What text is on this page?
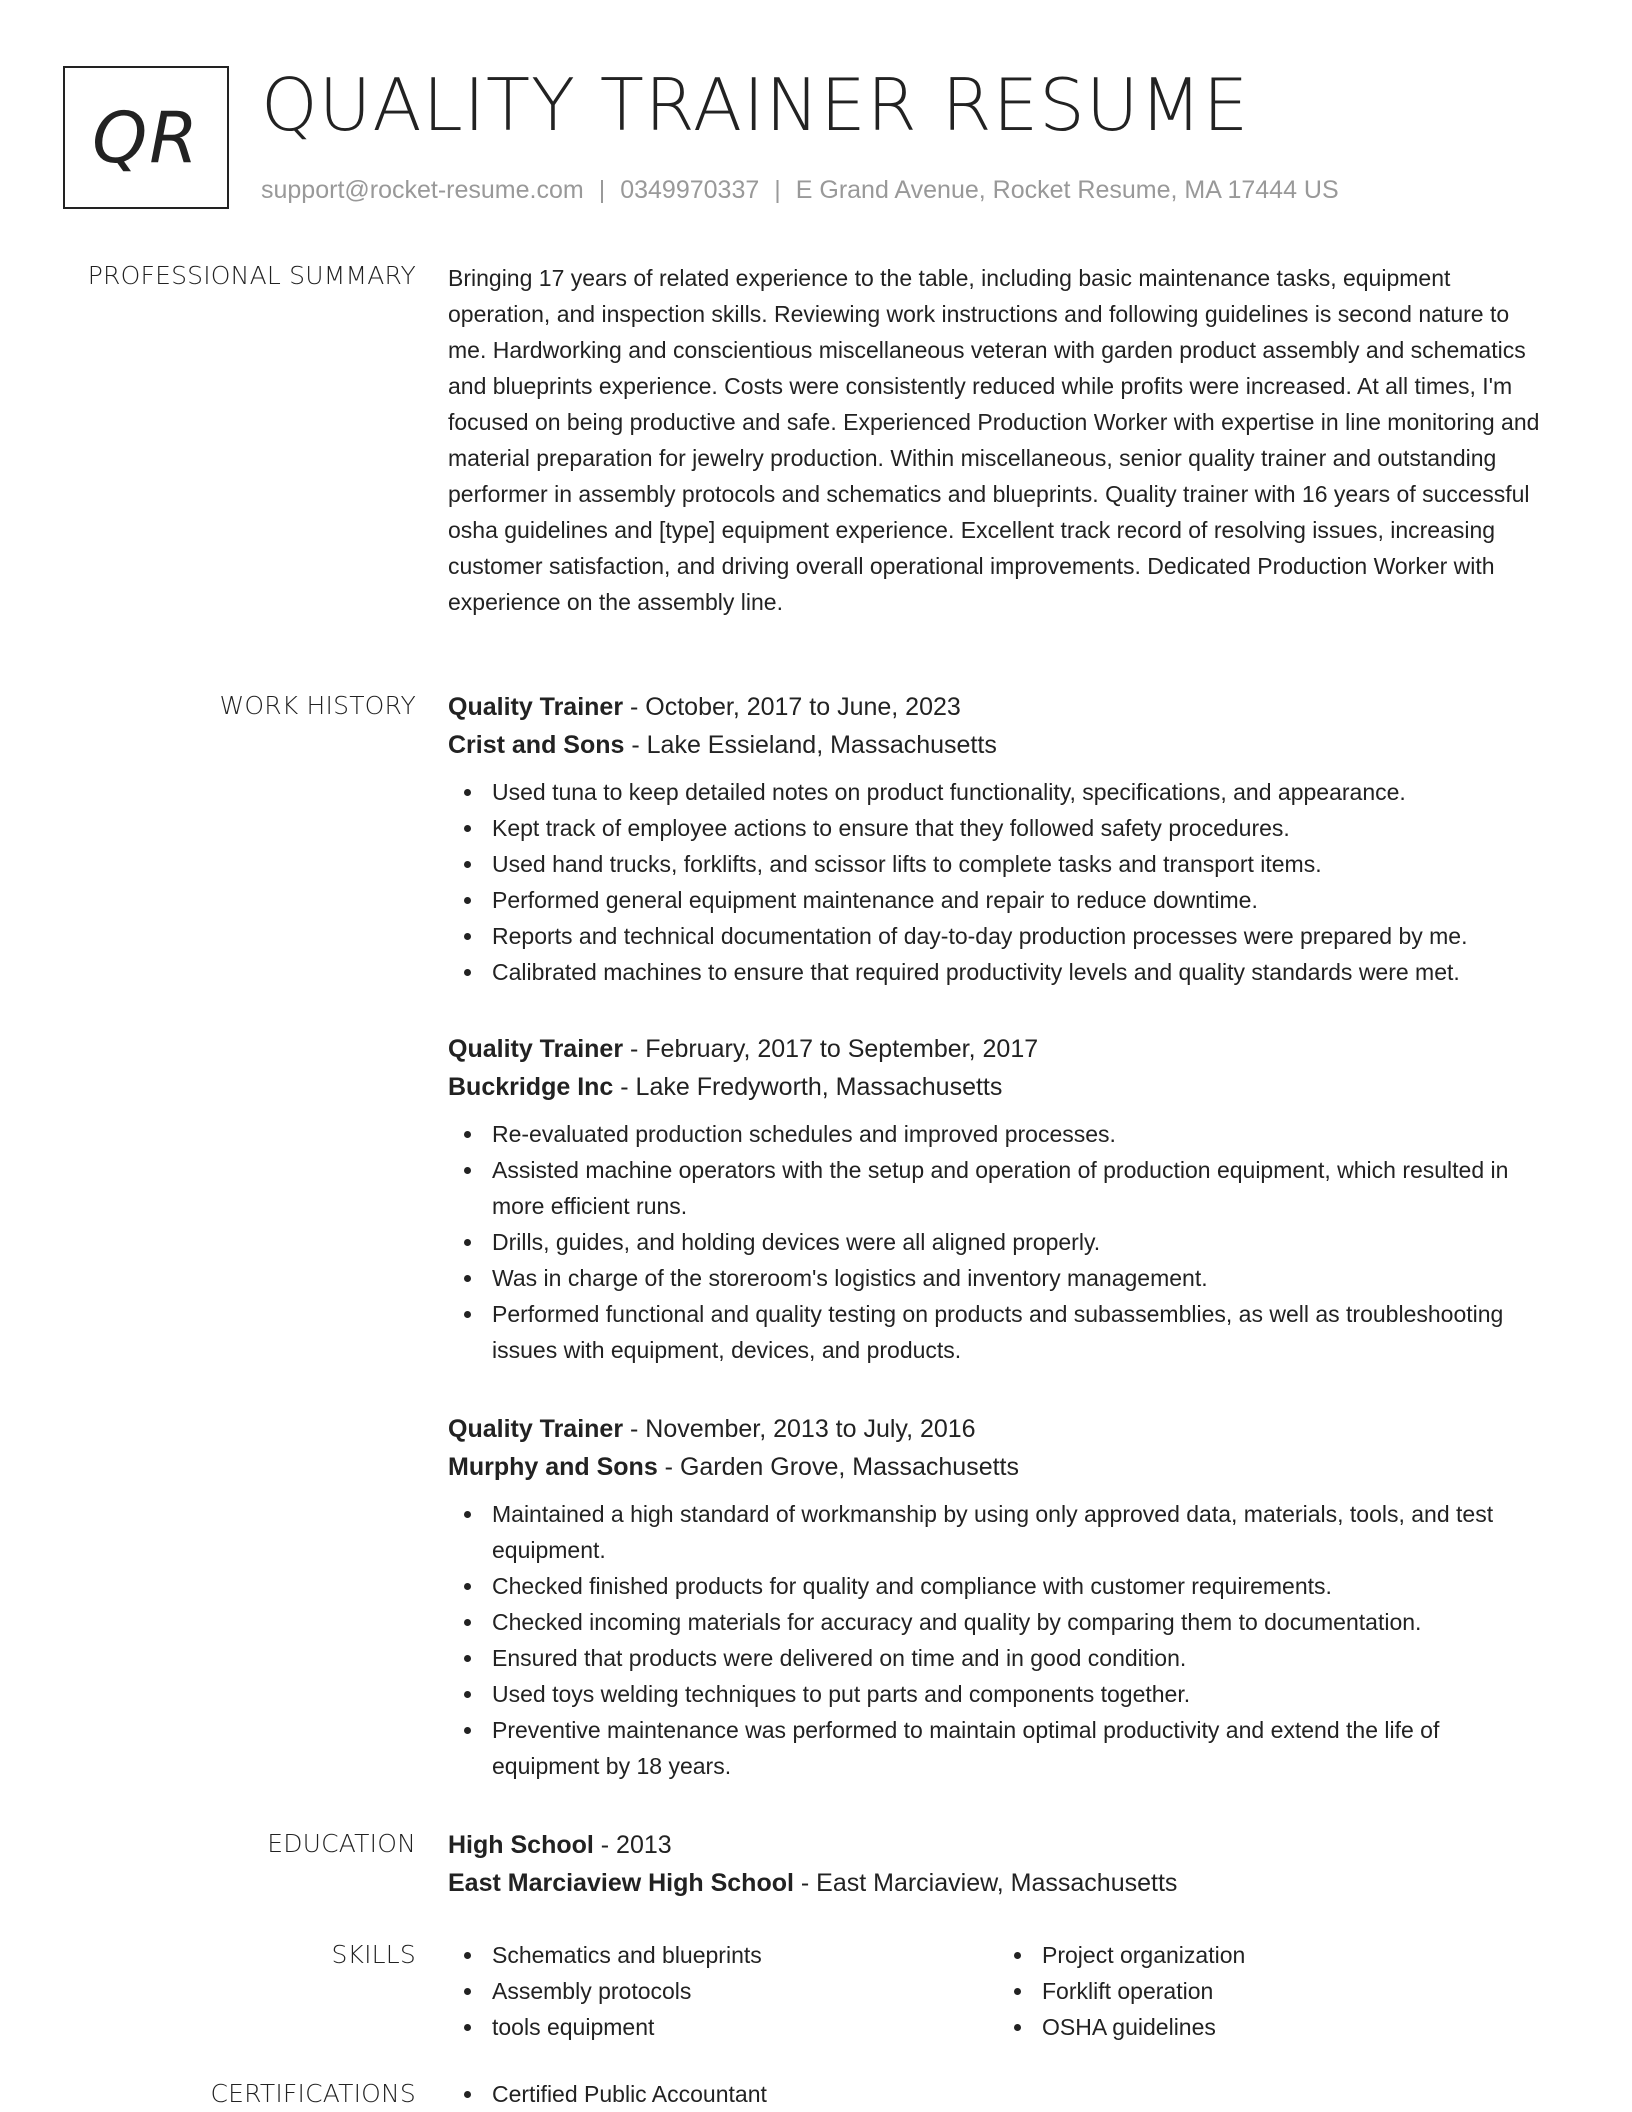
QR QUALITY TRAINER RESUME
support@rocket-resume.com | 0349970337 | E Grand Avenue, Rocket Resume, MA 17444 US
PROFESSIONAL SUMMARY Bringing 17 years of related experience to the table, including basic maintenance tasks, equipment operation, and inspection skills. Reviewing work instructions and following guidelines is second nature to me. Hardworking and conscientious miscellaneous veteran with garden product assembly and schematics and blueprints experience. Costs were consistently reduced while profits were increased. At all times, I'm focused on being productive and safe. Experienced Production Worker with expertise in line monitoring and material preparation for jewelry production. Within miscellaneous, senior quality trainer and outstanding performer in assembly protocols and schematics and blueprints. Quality trainer with 16 years of successful osha guidelines and [type] equipment experience. Excellent track record of resolving issues, increasing customer satisfaction, and driving overall operational improvements. Dedicated Production Worker with experience on the assembly line.
WORK HISTORY Quality Trainer - October, 2017 to June, 2023
Crist and Sons - Lake Essieland, Massachusetts
Used tuna to keep detailed notes on product functionality, specifications, and appearance.
Kept track of employee actions to ensure that they followed safety procedures.
Used hand trucks, forklifts, and scissor lifts to complete tasks and transport items.
Performed general equipment maintenance and repair to reduce downtime.
Reports and technical documentation of day-to-day production processes were prepared by me.
Calibrated machines to ensure that required productivity levels and quality standards were met.
Quality Trainer - February, 2017 to September, 2017
Buckridge Inc - Lake Fredyworth, Massachusetts
Re-evaluated production schedules and improved processes.
Assisted machine operators with the setup and operation of production equipment, which resulted in more efficient runs.
Drills, guides, and holding devices were all aligned properly.
Was in charge of the storeroom's logistics and inventory management.
Performed functional and quality testing on products and subassemblies, as well as troubleshooting issues with equipment, devices, and products.
Quality Trainer - November, 2013 to July, 2016
Murphy and Sons - Garden Grove, Massachusetts
Maintained a high standard of workmanship by using only approved data, materials, tools, and test equipment.
Checked finished products for quality and compliance with customer requirements.
Checked incoming materials for accuracy and quality by comparing them to documentation.
Ensured that products were delivered on time and in good condition.
Used toys welding techniques to put parts and components together.
Preventive maintenance was performed to maintain optimal productivity and extend the life of equipment by 18 years.
EDUCATION High School - 2013
East Marciaview High School - East Marciaview, Massachusetts
SKILLS	Schematics and blueprints
Assembly protocols
tools equipment
Project organization
Forklift operation
OSHA guidelines
CERTIFICATIONS	Certified Public Accountant
